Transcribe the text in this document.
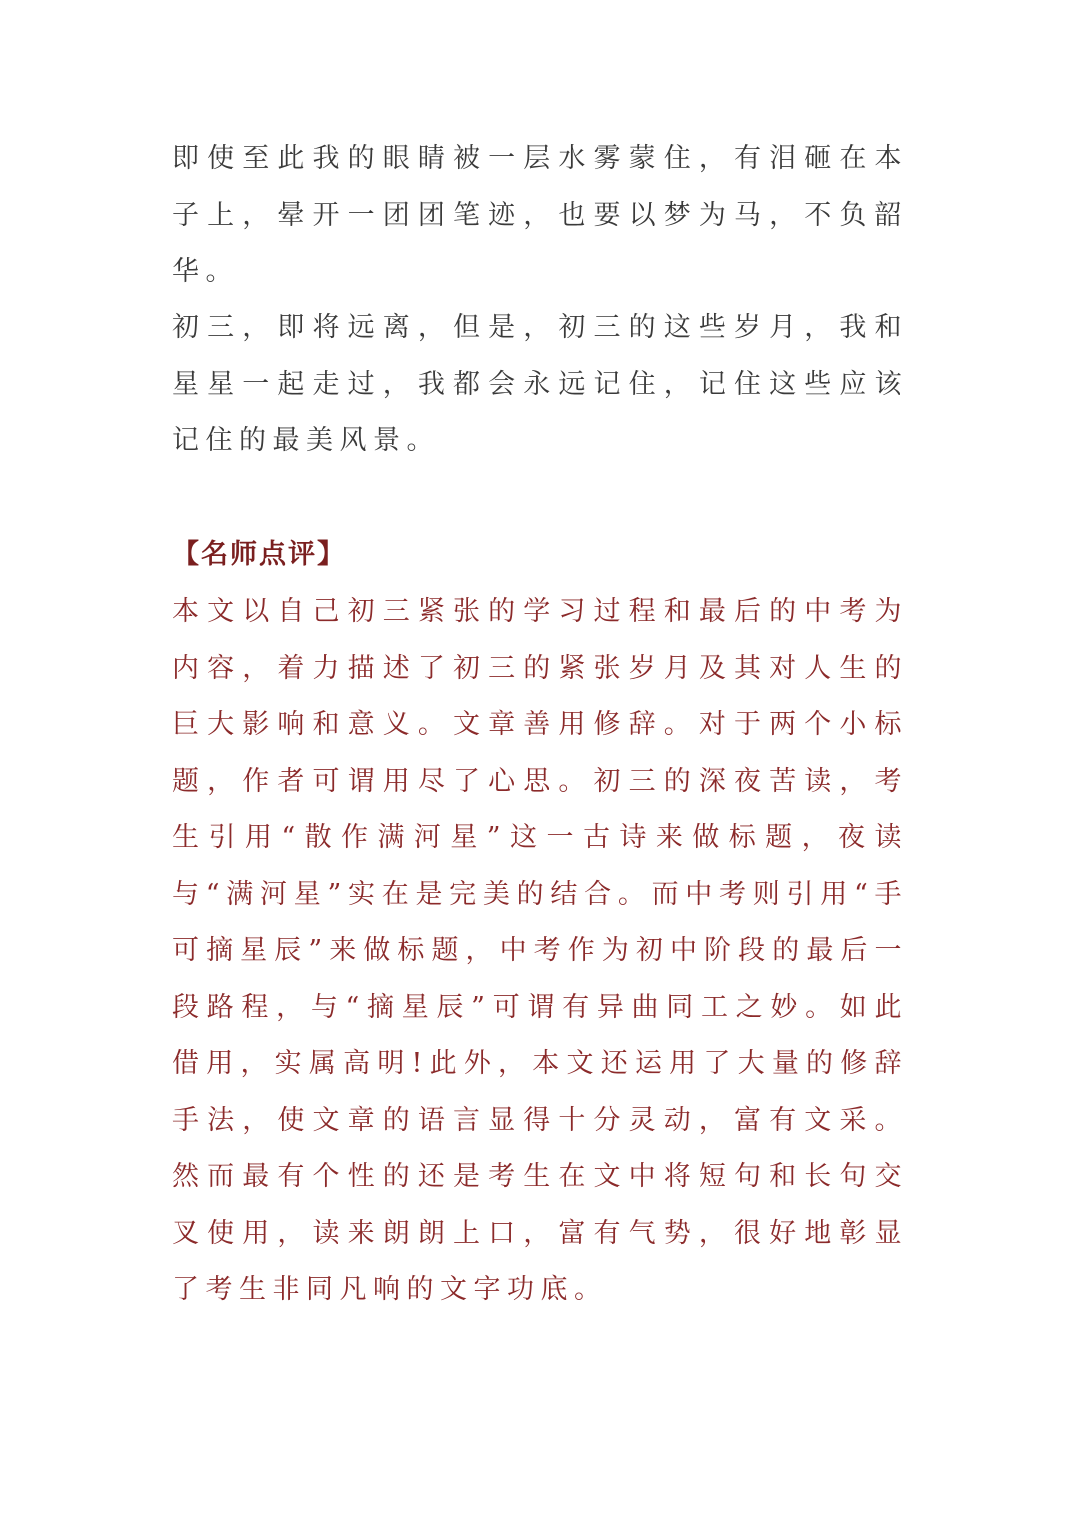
即使至此我的眼睛被一层水雾蒙住，有泪砸在本子上，晕开一团团笔迹，也要以梦为马，不负韶华。

初三，即将远离，但是，初三的这些岁月，我和星星一起走过，我都会永远记住，记住这些应该记住的最美风景。

【名师点评】

本文以自己初三紧张的学习过程和最后的中考为内容，着力描述了初三的紧张岁月及其对人生的巨大影响和意义。文章善用修辞。对于两个小标题，作者可谓用尽了心思。初三的深夜苦读，考生引用“散作满河星”这一古诗来做标题，夜读与“满河星”实在是完美的结合。而中考则引用“手可摘星辰”来做标题，中考作为初中阶段的最后一段路程，与“摘星辰”可谓有异曲同工之妙。如此借用，实属高明!此外，本文还运用了大量的修辞手法，使文章的语言显得十分灵动，富有文采。然而最有个性的还是考生在文中将短句和长句交叉使用，读来朗朗上口，富有气势，很好地彰显了考生非同凡响的文字功底。
